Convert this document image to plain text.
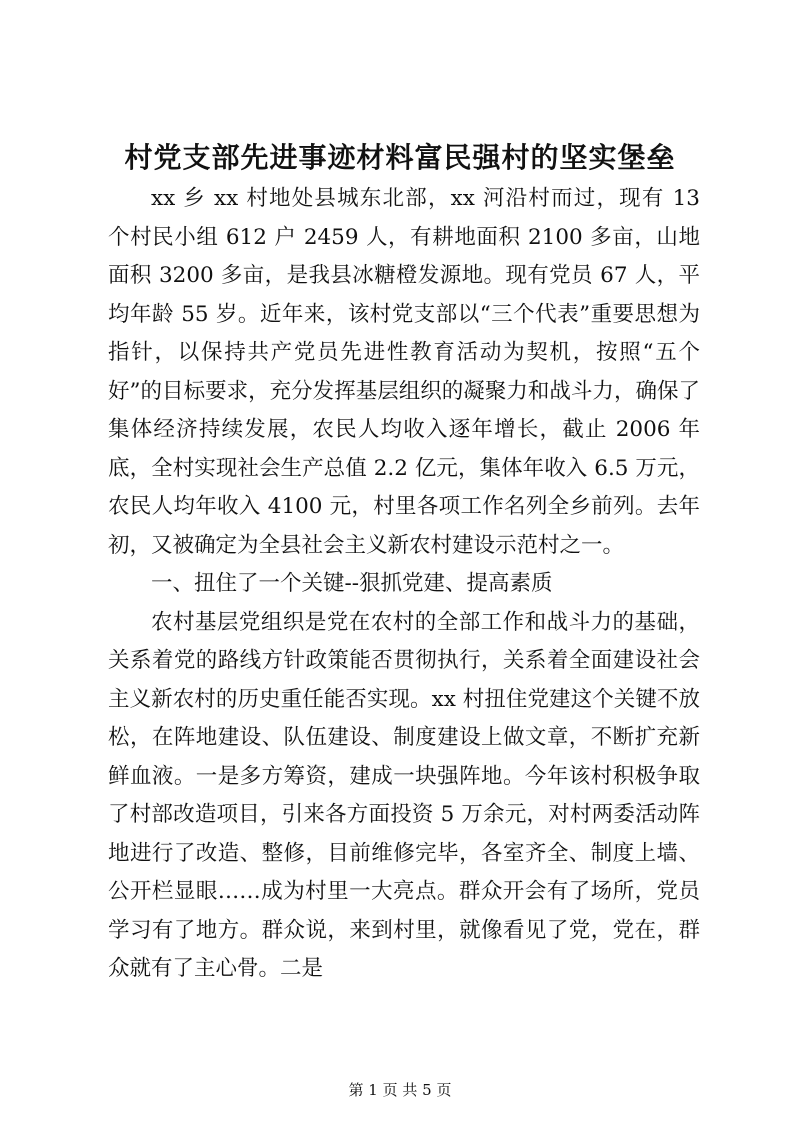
村党支部先进事迹材料富民强村的坚实堡垒

xx 乡 xx 村地处县城东北部，xx 河沿村而过，现有 13 个村民小组 612 户 2459 人，有耕地面积 2100 多亩，山地面积 3200 多亩，是我县冰糖橙发源地。现有党员 67 人，平均年龄 55 岁。近年来，该村党支部以“三个代表”重要思想为指针，以保持共产党员先进性教育活动为契机，按照“五个好”的目标要求，充分发挥基层组织的凝聚力和战斗力，确保了集体经济持续发展，农民人均收入逐年增长，截止 2006 年底，全村实现社会生产总值 2.2 亿元，集体年收入 6.5 万元，农民人均年收入 4100 元，村里各项工作名列全乡前列。去年初，又被确定为全县社会主义新农村建设示范村之一。

一、扭住了一个关键--狠抓党建、提高素质

农村基层党组织是党在农村的全部工作和战斗力的基础，关系着党的路线方针政策能否贯彻执行，关系着全面建设社会主义新农村的历史重任能否实现。xx 村扭住党建这个关键不放松，在阵地建设、队伍建设、制度建设上做文章，不断扩充新鲜血液。一是多方筹资，建成一块强阵地。今年该村积极争取了村部改造项目，引来各方面投资 5 万余元，对村两委活动阵地进行了改造、整修，目前维修完毕，各室齐全、制度上墙、公开栏显眼……成为村里一大亮点。群众开会有了场所，党员学习有了地方。群众说，来到村里，就像看见了党，党在，群众就有了主心骨。二是

第 1 页 共 5 页
